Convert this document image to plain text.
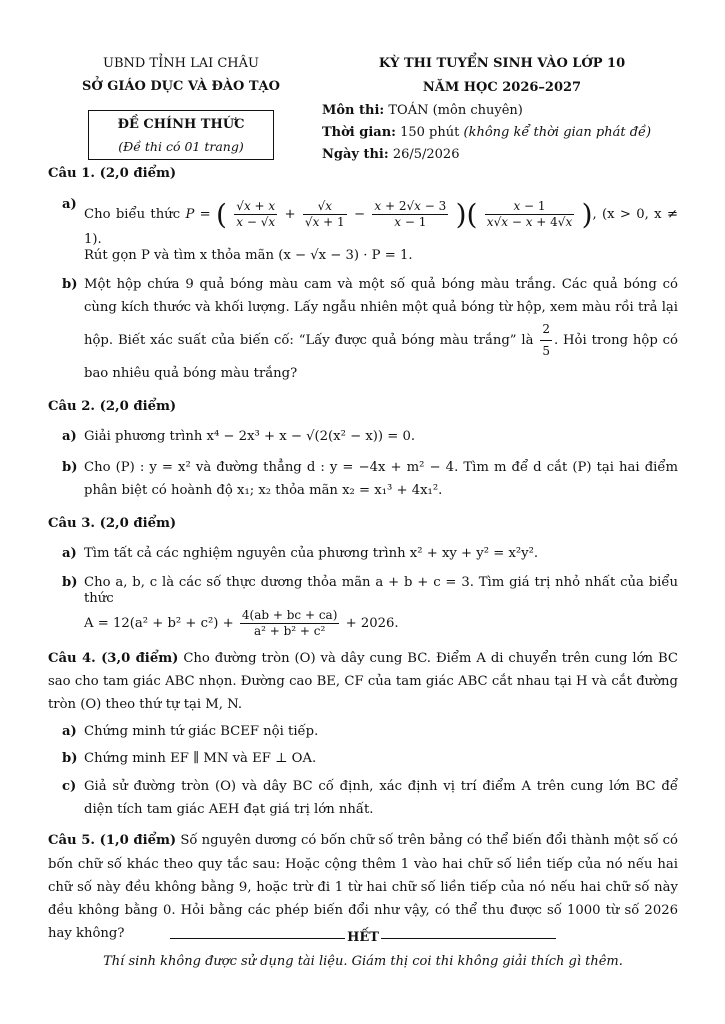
UBND TỈNH LAI CHÂU
SỞ GIÁO DỤC VÀ ĐÀO TẠO
ĐỀ CHÍNH THỨC
(Đề thi có 01 trang)
KỲ THI TUYỂN SINH VÀO LỚP 10
NĂM HỌC 2026–2027
Môn thi: TOÁN (môn chuyên)
Thời gian: 150 phút (không kể thời gian phát đề)
Ngày thi: 26/5/2026
Câu 1. (2,0 điểm)
a)
Cho biểu thức P = ( $\frac{√x + x}{x - √x} + \frac{√x}{√x + 1} - \frac{x + 2√x - 3}{x - 1}$ )( $\frac{x - 1}{x√x - x + 4√x}$ ), (x > 0, x ≠ 1).
Rút gọn P và tìm x thỏa mãn (x − √x − 3) · P = 1.
b) Một hộp chứa 9 quả bóng màu cam và một số quả bóng màu trắng. Các quả bóng có cùng kích thước và khối lượng. Lấy ngẫu nhiên một quả bóng từ hộp, xem màu rồi trả lại hộp. Biết xác suất của biến cố: “Lấy được quả bóng màu trắng” là $\frac{2}{5}$ . Hỏi trong hộp có bao nhiêu quả bóng màu trắng?
Câu 2. (2,0 điểm)
a) Giải phương trình x⁴ − 2x³ + x − √(2(x² − x)) = 0.
b) Cho (P) : y = x² và đường thẳng d : y = −4x + m² − 4. Tìm m để d cắt (P) tại hai điểm phân biệt có hoành độ x₁; x₂ thỏa mãn x₂ = x₁³ + 4x₁².
Câu 3. (2,0 điểm)
a) Tìm tất cả các nghiệm nguyên của phương trình x² + xy + y² = x²y².
b) Cho a, b, c là các số thực dương thỏa mãn a + b + c = 3. Tìm giá trị nhỏ nhất của biểu thức
$A = 12(a^2 + b^2 + c^2) + \frac{4(ab + bc + ca)}{\text{a² + b² + c²}} + 2026$.
Câu 4. (3,0 điểm) Cho đường tròn (O) và dây cung BC. Điểm A di chuyển trên cung lớn BC sao cho tam giác ABC nhọn. Đường cao BE, CF của tam giác ABC cắt nhau tại H và cắt đường tròn (O) theo thứ tự tại M, N.
a) Chứng minh tứ giác BCEF nội tiếp.
b) Chứng minh EF ∥ MN và EF ⊥ OA.
c) Giả sử đường tròn (O) và dây BC cố định, xác định vị trí điểm A trên cung lớn BC để diện tích tam giác AEH đạt giá trị lớn nhất.
Câu 5. (1,0 điểm) Số nguyên dương có bốn chữ số trên bảng có thể biến đổi thành một số có bốn chữ số khác theo quy tắc sau: Hoặc cộng thêm 1 vào hai chữ số liền tiếp của nó nếu hai chữ số này đều không bằng 9, hoặc trừ đi 1 từ hai chữ số liền tiếp của nó nếu hai chữ số này đều không bằng 0. Hỏi bằng các phép biến đổi như vậy, có thể thu được số 1000 từ số 2026 hay không?	HẾT
Thí sinh không được sử dụng tài liệu. Giám thị coi thi không giải thích gì thêm.
